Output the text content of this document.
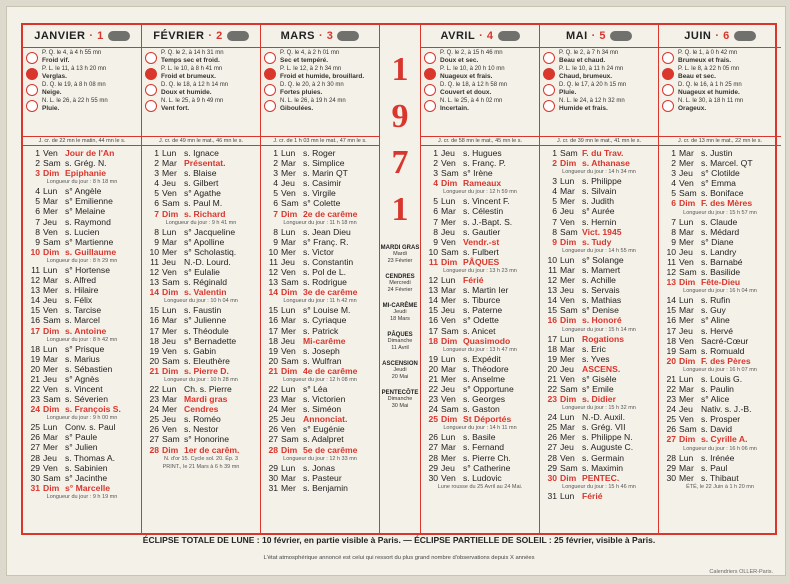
JANVIER · 1
P. Q. le 4, à 4 h 55 mn
Froid vif.
P. L. le 11, à 13 h 20 mn
Verglas.
D. Q. le 19, à 8 h 08 mn
Neige.
N. L. le 26, à 22 h 55 mn
Pluie.
J. cr. de 22 mn le matin, 44 mn le s.
1 Ven Jour de l'An
2 Sam s. Grég. N.
3 Dim Epiphanie
Longueur du jour : 8 h 18 mn
4 Lun s° Angèle
5 Mar s° Emilienne
6 Mer s° Melaine
7 Jeu s. Raymond
8 Ven s. Lucien
9 Sam s° Martienne
10 Dim s. Guillaume
Longueur du jour : 8 h 29 mn
11 Lun s° Hortense
12 Mar s. Alfred
13 Mer s. Hilaire
14 Jeu s. Félix
15 Ven s. Tarcise
16 Sam s. Marcel
17 Dim s. Antoine
Longueur du jour : 8 h 42 mn
18 Lun s° Prisque
19 Mar s. Marius
20 Mer s. Sébastien
21 Jeu s° Agnès
22 Ven s. Vincent
23 Sam s. Séverien
24 Dim s. François S.
Longueur du jour : 9 h 00 mn
25 Lun Conv. s. Paul
26 Mar s° Paule
27 Mer s° Julien
28 Jeu s. Thomas A.
29 Ven s. Sabinien
30 Sam s° Jacinthe
31 Dim s° Marcelle
Longueur du jour : 9 h 19 mn
FÉVRIER · 2
P. Q. le 2, à 14 h 31 mn
Temps sec et froid.
P. L. le 10, à 8 h 41 mn
Froid et brumeux.
D. Q. le 18, à 12 h 14 mn
Doux et humide.
N. L. le 25, à 9 h 49 mn
Vent fort.
J. cr. de 49 mn le mat., 46 mn le s.
1 Lun s. Ignace
2 Mar Présentat.
3 Mer s. Blaise
4 Jeu s. Gilbert
5 Ven s° Agathe
6 Sam s. Paul M.
7 Dim s. Richard
Longueur du jour : 9 h 41 mn
8 Lun s° Jacqueline
9 Mar s° Apolline
10 Mer s° Scholastiq.
11 Jeu N.-D. Lourd.
12 Ven s° Eulalie
13 Sam s. Réginald
14 Dim s. Valentin
Longueur du jour : 10 h 04 mn
15 Lun s. Faustin
16 Mar s° Julienne
17 Mer s. Théodule
18 Jeu s° Bernadette
19 Ven s. Gabin
20 Sam s. Eleuthère
21 Dim s. Pierre D.
Longueur du jour : 10 h 28 mn
22 Lun Ch. s. Pierre
23 Mar Mardi gras
24 Mer Cendres
25 Jeu s. Roméo
26 Ven s. Nestor
27 Sam s° Honorine
28 Dim 1er de carêm.
N. d'or 15. Cycle sol. 20. Ép. 3
PRINT., le 21 Mars à 6 h 39 mn
MARS · 3
P. Q. le 4, à 2 h 01 mn
Sec et tempéré.
P. L. le 12, à 2 h 34 mn
Froid et humide, brouillard.
D. Q. le 20, à 2 h 30 mn
Fortes pluies.
N. L. le 26, à 19 h 24 mn
Giboulées.
J. cr. de 1 h 03 mn le mat., 47 mn le s.
1 Lun s. Roger
2 Mar s. Simplice
3 Mer s. Marin QT
4 Jeu s. Casimir
5 Ven s. Virgile
6 Sam s° Colette
7 Dim 2e de carême
Longueur du jour : 11 h 18 mn
8 Lun s. Jean Dieu
9 Mar s° Franç. R.
10 Mer s. Victor
11 Jeu s. Constantin
12 Ven s. Pol de L.
13 Sam s. Rodrigue
14 Dim 3e de carême
Longueur du jour : 11 h 42 mn
15 Lun s° Louise M.
16 Mar s. Cyriaque
17 Mer s. Patrick
18 Jeu Mi-carême
19 Ven s. Joseph
20 Sam s. Wulfran
21 Dim 4e de carême
Longueur du jour : 12 h 08 mn
22 Lun s° Léa
23 Mar s. Victorien
24 Mer s. Siméon
25 Jeu Annonciat.
26 Ven s° Eugénie
27 Sam s. Adalpret
28 Dim 5e de carême
Longueur du jour : 12 h 33 mn
29 Lun s. Jonas
30 Mar s. Pasteur
31 Mer s. Benjamin
1
9
7
1
MARDI GRAS
Mardi
23 Février
CENDRES
Mercredi
24 Février
MI-CARÊME
Jeudi
18 Mars
PÂQUES
Dimanche
11 Avril
ASCENSION
Jeudi
20 Mai
PENTECÔTE
Dimanche
30 Mai
AVRIL · 4
P. Q. le 2, à 15 h 46 mn
Doux et sec.
P. L. le 10, à 20 h 10 mn
Nuageux et frais.
D. Q. le 18, à 12 h 58 mn
Couvert et doux.
N. L. le 25, à 4 h 02 mn
Incertain.
J. cr. de 58 mn le mat., 45 mn le s.
1 Jeu s. Hugues
2 Ven s. Franç. P.
3 Sam s° Irène
4 Dim Rameaux
Longueur du jour : 12 h 59 mn
5 Lun s. Vincent F.
6 Mar s. Célestin
7 Mer s. J.-Bapt. S.
8 Jeu s. Gautier
9 Ven Vendr.-st
10 Sam s. Fulbert
11 Dim PÂQUES
Longueur du jour : 13 h 23 mn
12 Lun Férié
13 Mar s. Martin Ier
14 Mer s. Tiburce
15 Jeu s. Paterne
16 Ven s° Odette
17 Sam s. Anicet
18 Dim Quasimodo
Longueur du jour : 13 h 47 mn
19 Lun s. Expédit
20 Mar s. Théodore
21 Mer s. Anselme
22 Jeu s° Opportune
23 Ven s. Georges
24 Sam s. Gaston
25 Dim St Déportés
Longueur du jour : 14 h 11 mn
26 Lun s. Basile
27 Mar s. Fernand
28 Mer s. Pierre Ch.
29 Jeu s° Catherine
30 Ven s. Ludovic
Lune rousse du 25 Avril au 24 Mai.
MAI · 5
P. Q. le 2, à 7 h 34 mn
Beau et chaud.
P. L. le 10, à 11 h 24 mn
Chaud, brumeux.
D. Q. le 17, à 20 h 15 mn
Pluie.
N. L. le 24, à 12 h 32 mn
Humide et frais.
J. cr. de 39 mn le mat., 41 mn le s.
1 Sam F. du Trav.
2 Dim s. Athanase
Longueur du jour : 14 h 34 mn
3 Lun s. Philippe
4 Mar s. Silvain
5 Mer s. Judith
6 Jeu s° Aurée
7 Ven s. Hernin
8 Sam Vict. 1945
9 Dim s. Tudy
Longueur du jour : 14 h 55 mn
10 Lun s° Solange
11 Mar s. Mamert
12 Mer s. Achille
13 Jeu s. Servais
14 Ven s. Mathias
15 Sam s° Denise
16 Dim s. Honoré
Longueur du jour : 15 h 14 mn
17 Lun Rogations
18 Mar s. Eric
19 Mer s. Yves
20 Jeu ASCENS.
21 Ven s° Gisèle
22 Sam s° Emile
23 Dim s. Didier
Longueur du jour : 15 h 32 mn
24 Lun N.-D. Auxil.
25 Mar s. Grég. VII
26 Mer s. Philippe N.
27 Jeu s. Auguste C.
28 Ven s. Germain
29 Sam s. Maximin
30 Dim PENTEC.
Longueur du jour : 15 h 46 mn
31 Lun Férié
JUIN · 6
P. Q. le 1, à 0 h 42 mn
Brumeux et frais.
P. L. le 8, à 22 h 05 mn
Beau et sec.
D. Q. le 16, à 1 h 25 mn
Nuageux et humide.
N. L. le 30, à 18 h 11 mn
Orageux.
J. cr. de 13 mn le mat., 22 mn le s.
1 Mar s. Justin
2 Mer s. Marcel. QT
3 Jeu s° Clotilde
4 Ven s° Emma
5 Sam s. Boniface
6 Dim F. des Mères
Longueur du jour : 15 h 57 mn
7 Lun s. Claude
8 Mar s. Médard
9 Mer s° Diane
10 Jeu s. Landry
11 Ven s. Barnabé
12 Sam s. Basilide
13 Dim Fête-Dieu
Longueur du jour : 16 h 04 mn
14 Lun s. Rufin
15 Mar s. Guy
16 Mer s° Aline
17 Jeu s. Hervé
18 Ven Sacré-Cœur
19 Sam s. Romuald
20 Dim F. des Pères
Longueur du jour : 16 h 07 mn
21 Lun s. Louis G.
22 Mar s. Paulin
23 Mer s° Alice
24 Jeu Nativ. s. J.-B.
25 Ven s. Prosper
26 Sam s. David
27 Dim s. Cyrille A.
Longueur du jour : 16 h 06 mn
28 Lun s. Irénée
29 Mar s. Paul
30 Mer s. Thibaut
ÉTÉ, le 22 Juin à 1 h 20 mn
ÉCLIPSE TOTALE DE LUNE : 10 février, en partie visible à Paris. — ÉCLIPSE PARTIELLE DE SOLEIL : 25 février, visible à Paris.
L'état atmosphérique annoncé est celui qui ressort du plus grand nombre d'observations depuis X années
Calendriers OLLER-Paris.
